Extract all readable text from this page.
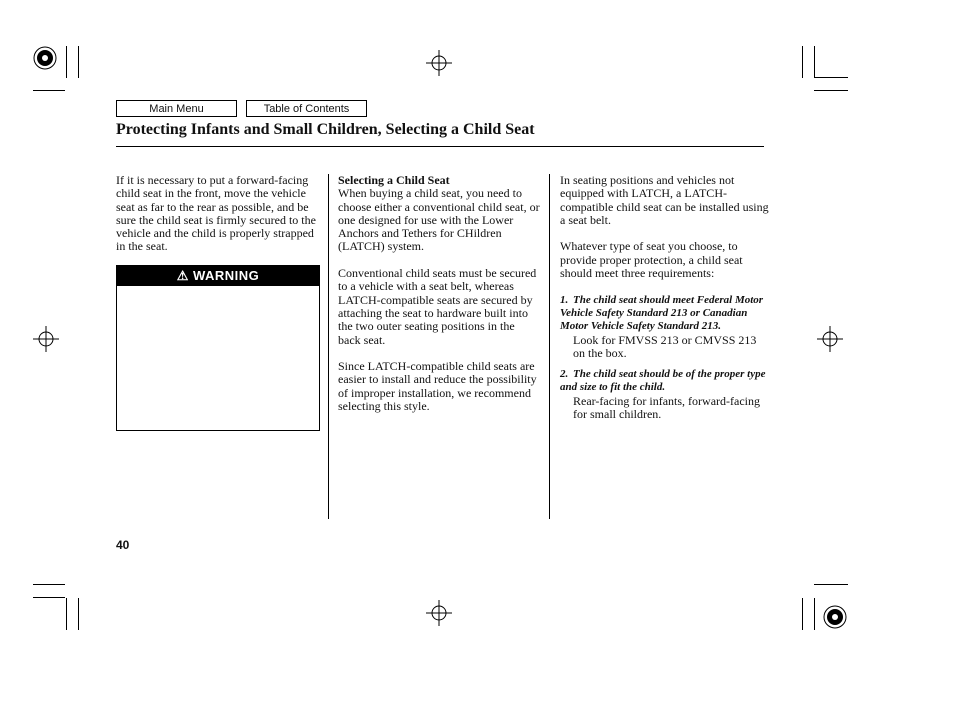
Main Menu	Table of Contents
Protecting Infants and Small Children, Selecting a Child Seat

If it is necessary to put a forward-facing child seat in the front, move the vehicle seat as far to the rear as possible, and be sure the child seat is firmly secured to the vehicle and the child is properly strapped in the seat.

⚠ WARNING
Selecting a Child Seat

When buying a child seat, you need to choose either a conventional child seat, or one designed for use with the Lower Anchors and Tethers for CHildren (LATCH) system.

Conventional child seats must be secured to a vehicle with a seat belt, whereas LATCH-compatible seats are secured by attaching the seat to hardware built into the two outer seating positions in the back seat.

Since LATCH-compatible child seats are easier to install and reduce the possibility of improper installation, we recommend selecting this style.

In seating positions and vehicles not equipped with LATCH, a LATCH-compatible child seat can be installed using a seat belt.

Whatever type of seat you choose, to provide proper protection, a child seat should meet three requirements:

1. The child seat should meet Federal Motor Vehicle Safety Standard 213 or Canadian Motor Vehicle Safety Standard 213.
Look for FMVSS 213 or CMVSS 213 on the box.
2. The child seat should be of the proper type and size to fit the child.
Rear-facing for infants, forward-facing for small children.
40
